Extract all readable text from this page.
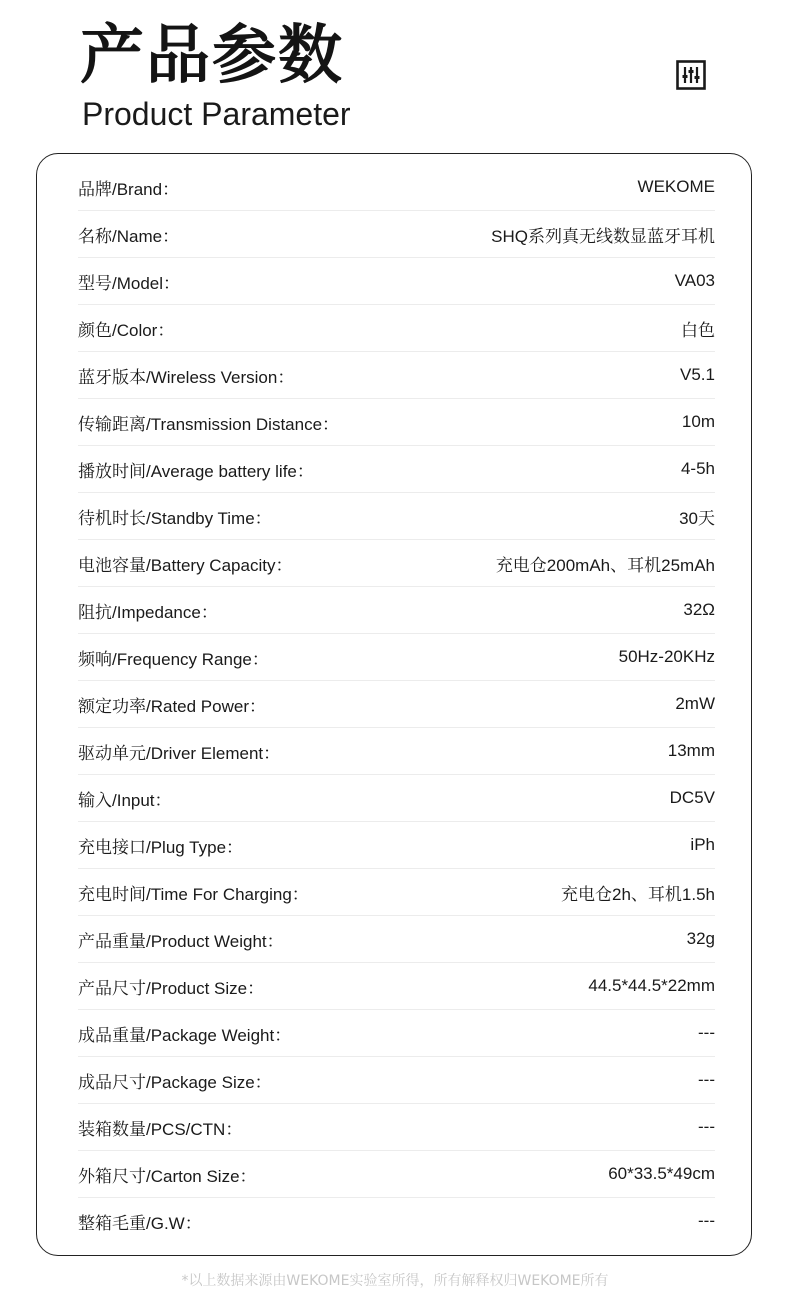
产品参数
Product Parameter
品牌/Brand：	WEKOME
名称/Name：	SHQ系列真无线数显蓝牙耳机
型号/Model：	VA03
颜色/Color：	白色
蓝牙版本/Wireless Version：	V5.1
传输距离/Transmission Distance：	10m
播放时间/Average battery life：	4-5h
待机时长/Standby Time：	30天
电池容量/Battery Capacity：	充电仓200mAh、耳机25mAh
阻抗/Impedance：	32Ω
频响/Frequency Range：	50Hz-20KHz
额定功率/Rated Power：	2mW
驱动单元/Driver Element：	13mm
输入/Input：	DC5V
充电接口/Plug Type：	iPh
充电时间/Time For Charging：	充电仓2h、耳机1.5h
产品重量/Product Weight：	32g
产品尺寸/Product Size：	44.5*44.5*22mm
成品重量/Package Weight：	---
成品尺寸/Package Size：	---
装箱数量/PCS/CTN：	---
外箱尺寸/Carton Size：	60*33.5*49cm
整箱毛重/G.W：	---
*以上数据来源由WEKOME实验室所得，所有解释权归WEKOME所有
